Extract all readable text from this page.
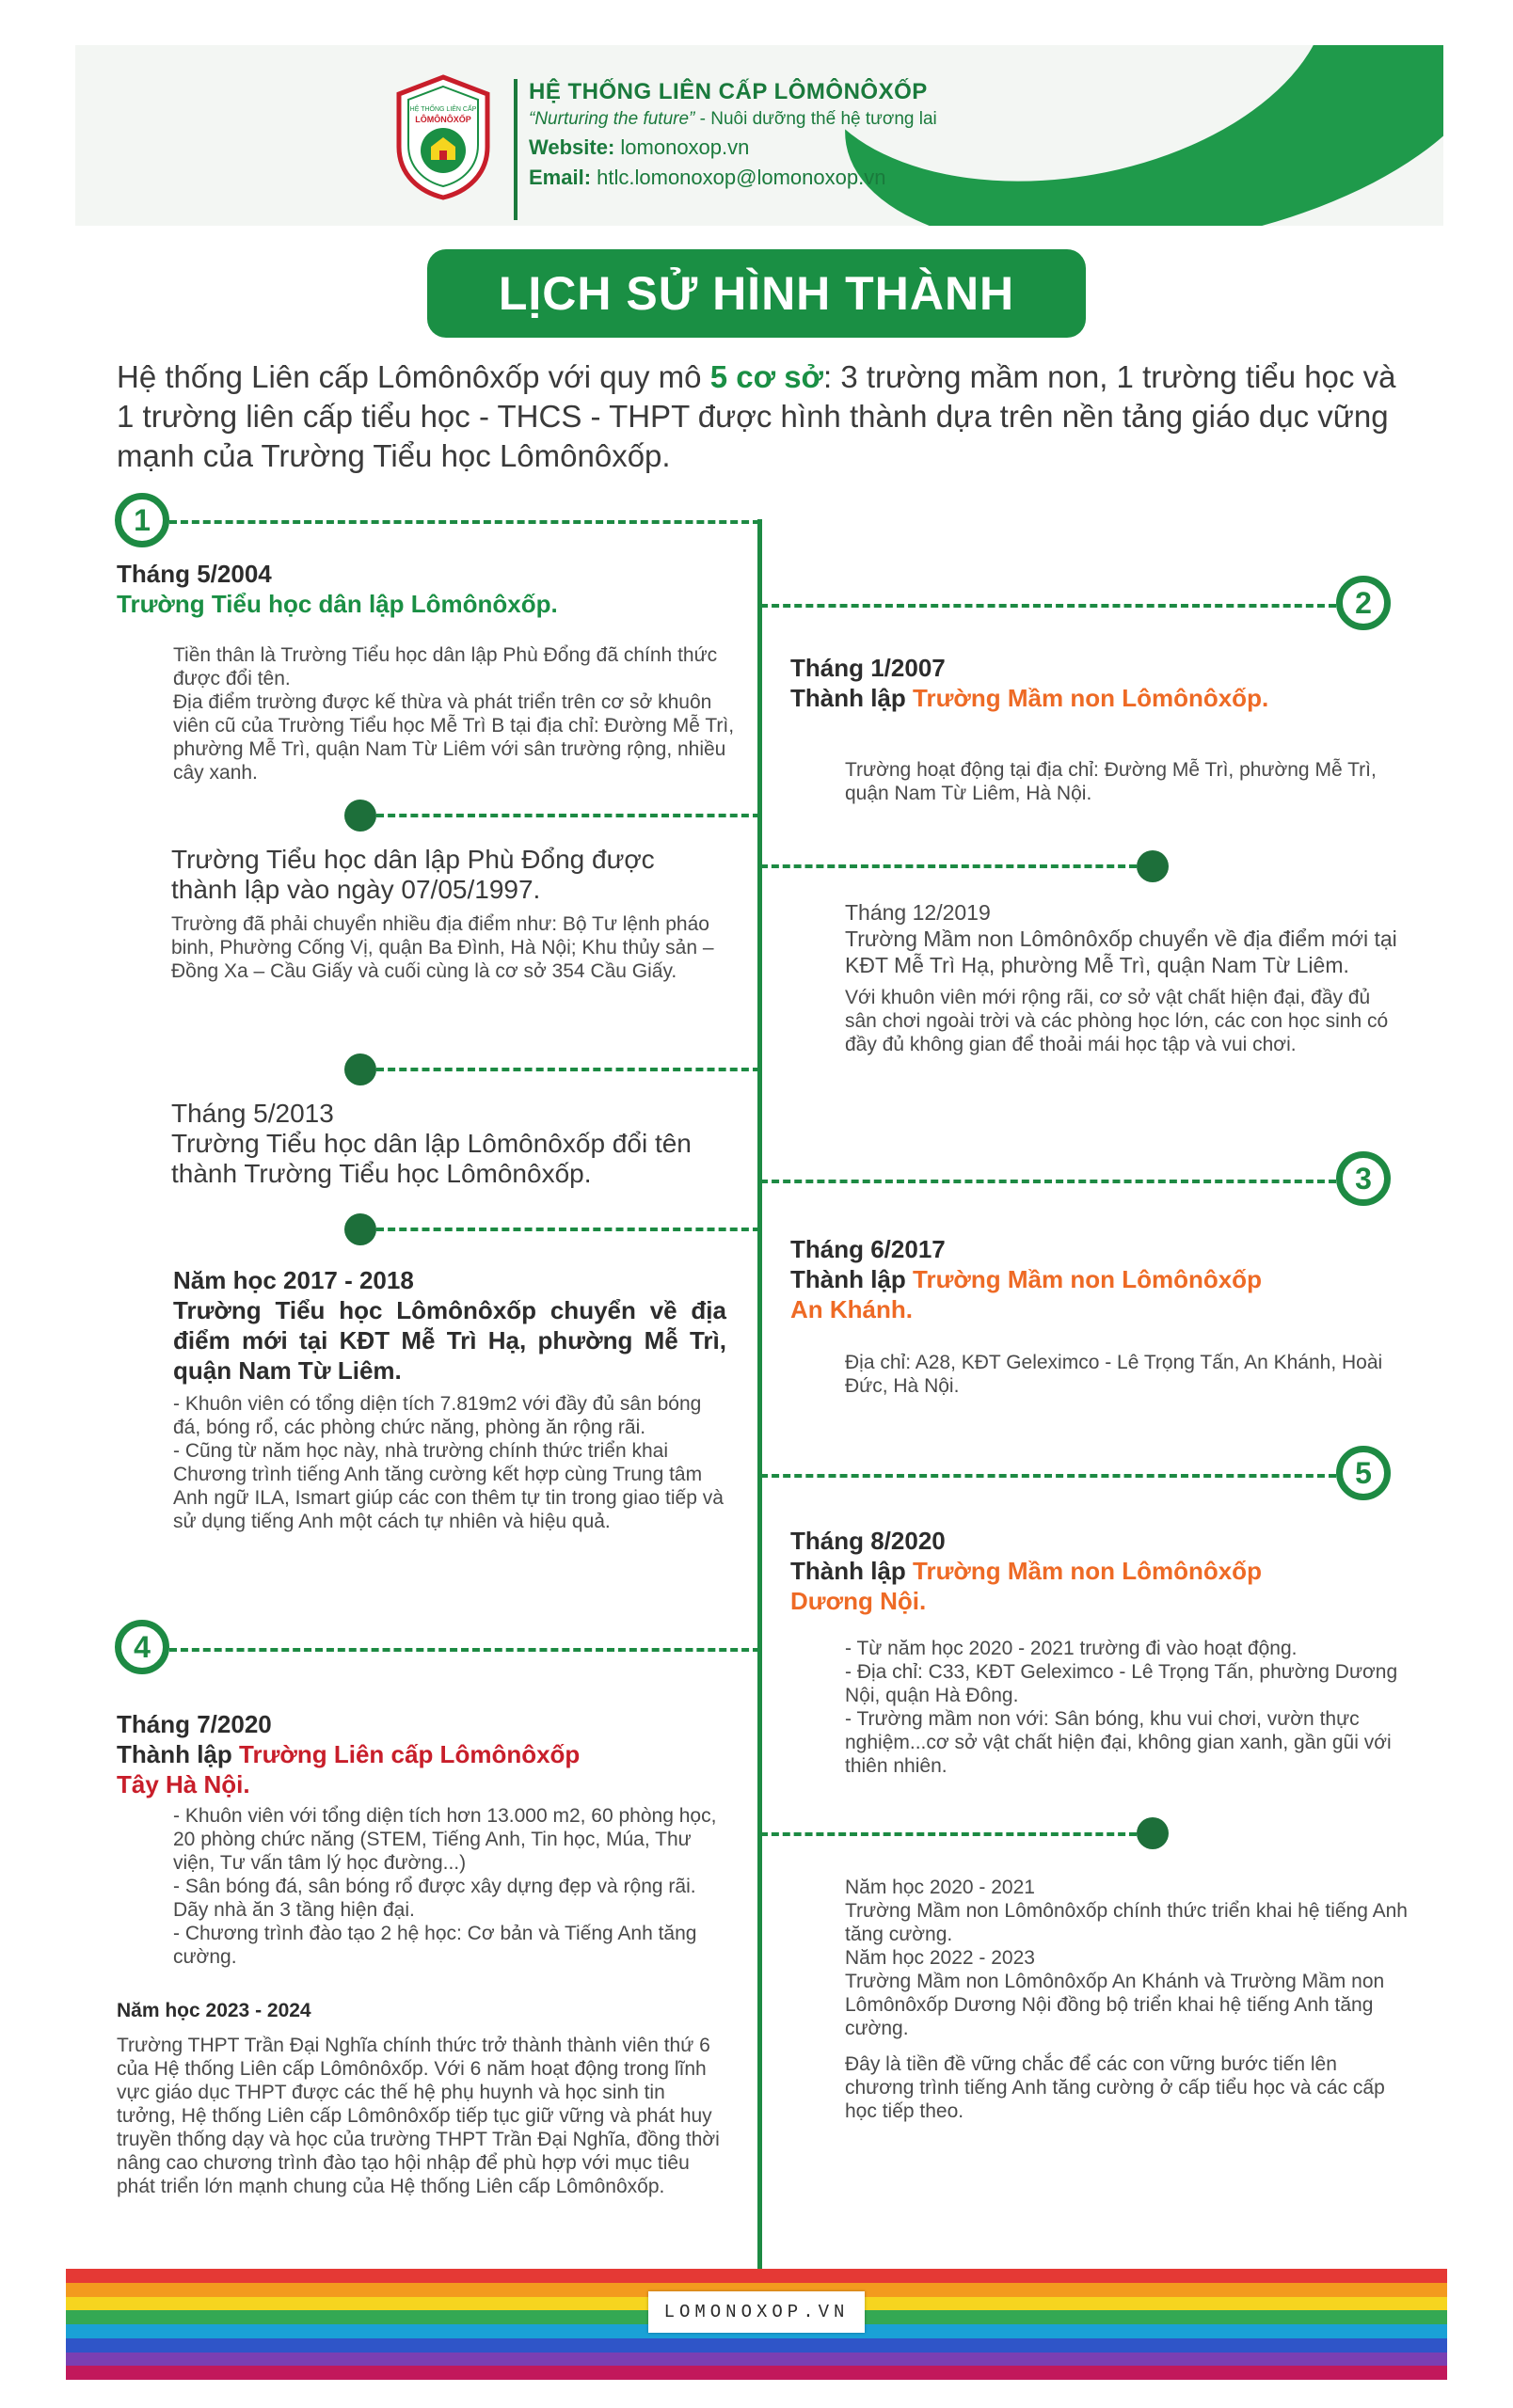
HỆ THỐNG LIÊN CẤP
LÔMÔNÔXỐP
HỆ THỐNG LIÊN CẤP LÔMÔNÔXỐP
“Nurturing the future” - Nuôi dưỡng thế hệ tương lai
Website: lomonoxop.vn
Email: htlc.lomonoxop@lomonoxop.vn
LỊCH SỬ HÌNH THÀNH
Hệ thống Liên cấp Lômônôxốp với quy mô 5 cơ sở: 3 trường mầm non, 1 trường tiểu học và 1 trường liên cấp tiểu học - THCS - THPT được hình thành dựa trên nền tảng giáo dục vững mạnh của Trường Tiểu học Lômônôxốp.
1
2
3
4
5
Tháng 5/2004
Trường Tiểu học dân lập Lômônôxốp.
Tiền thân là Trường Tiểu học dân lập Phù Đổng đã chính thức được đổi tên.
Địa điểm trường được kế thừa và phát triển trên cơ sở khuôn viên cũ của Trường Tiểu học Mễ Trì B tại địa chỉ: Đường Mễ Trì, phường Mễ Trì, quận Nam Từ Liêm với sân trường rộng, nhiều cây xanh.
Trường Tiểu học dân lập Phù Đổng được thành lập vào ngày 07/05/1997.
Trường đã phải chuyển nhiều địa điểm như: Bộ Tư lệnh pháo binh, Phường Cống Vị, quận Ba Đình, Hà Nội; Khu thủy sản – Đồng Xa – Cầu Giấy và cuối cùng là cơ sở 354 Cầu Giấy.
Tháng 5/2013
Trường Tiểu học dân lập Lômônôxốp đổi tên thành Trường Tiểu học Lômônôxốp.
Năm học 2017 - 2018
Trường Tiểu học Lômônôxốp chuyển về địa điểm mới tại KĐT Mễ Trì Hạ, phường Mễ Trì, quận Nam Từ Liêm.
- Khuôn viên có tổng diện tích 7.819m2 với đầy đủ sân bóng đá, bóng rổ, các phòng chức năng, phòng ăn rộng rãi.
- Cũng từ năm học này, nhà trường chính thức triển khai Chương trình tiếng Anh tăng cường kết hợp cùng Trung tâm Anh ngữ ILA, Ismart giúp các con thêm tự tin trong giao tiếp và sử dụng tiếng Anh một cách tự nhiên và hiệu quả.
Tháng 7/2020
Thành lập Trường Liên cấp Lômônôxốp
Tây Hà Nội.
- Khuôn viên với tổng diện tích hơn 13.000 m2, 60 phòng học, 20 phòng chức năng (STEM, Tiếng Anh, Tin học, Múa, Thư viện, Tư vấn tâm lý học đường...)
- Sân bóng đá, sân bóng rổ được xây dựng đẹp và rộng rãi. Dãy nhà ăn 3 tầng hiện đại.
- Chương trình đào tạo 2 hệ học: Cơ bản và Tiếng Anh tăng cường.
Năm học 2023 - 2024
Trường THPT Trần Đại Nghĩa chính thức trở thành thành viên thứ 6 của Hệ thống Liên cấp Lômônôxốp. Với 6 năm hoạt động trong lĩnh vực giáo dục THPT được các thế hệ phụ huynh và học sinh tin tưởng, Hệ thống Liên cấp Lômônôxốp tiếp tục giữ vững và phát huy truyền thống dạy và học của trường THPT Trần Đại Nghĩa, đồng thời nâng cao chương trình đào tạo hội nhập để phù hợp với mục tiêu phát triển lớn mạnh chung của Hệ thống Liên cấp Lômônôxốp.
Tháng 1/2007
Thành lập Trường Mầm non Lômônôxốp.
Trường hoạt động tại địa chỉ: Đường Mễ Trì, phường Mễ Trì, quận Nam Từ Liêm, Hà Nội.
Tháng 12/2019
Trường Mầm non Lômônôxốp chuyển về địa điểm mới tại KĐT Mễ Trì Hạ, phường Mễ Trì, quận Nam Từ Liêm.
Với khuôn viên mới rộng rãi, cơ sở vật chất hiện đại, đầy đủ sân chơi ngoài trời và các phòng học lớn, các con học sinh có đầy đủ không gian để thoải mái học tập và vui chơi.
Tháng 6/2017
Thành lập Trường Mầm non Lômônôxốp
An Khánh.
Địa chỉ: A28, KĐT Geleximco - Lê Trọng Tấn, An Khánh, Hoài Đức, Hà Nội.
Tháng 8/2020
Thành lập Trường Mầm non Lômônôxốp
Dương Nội.
- Từ năm học 2020 - 2021 trường đi vào hoạt động.
- Địa chỉ: C33, KĐT Geleximco - Lê Trọng Tấn, phường Dương Nội, quận Hà Đông.
- Trường mầm non với: Sân bóng, khu vui chơi, vườn thực nghiệm...cơ sở vật chất hiện đại, không gian xanh, gần gũi với thiên nhiên.
Năm học 2020 - 2021
Trường Mầm non Lômônôxốp chính thức triển khai hệ tiếng Anh tăng cường.
Năm học 2022 - 2023
Trường Mầm non Lômônôxốp An Khánh và Trường Mầm non Lômônôxốp Dương Nội đồng bộ triển khai hệ tiếng Anh tăng cường.
Đây là tiền đề vững chắc để các con vững bước tiến lên chương trình tiếng Anh tăng cường ở cấp tiểu học và các cấp học tiếp theo.
LOMONOXOP.VN
